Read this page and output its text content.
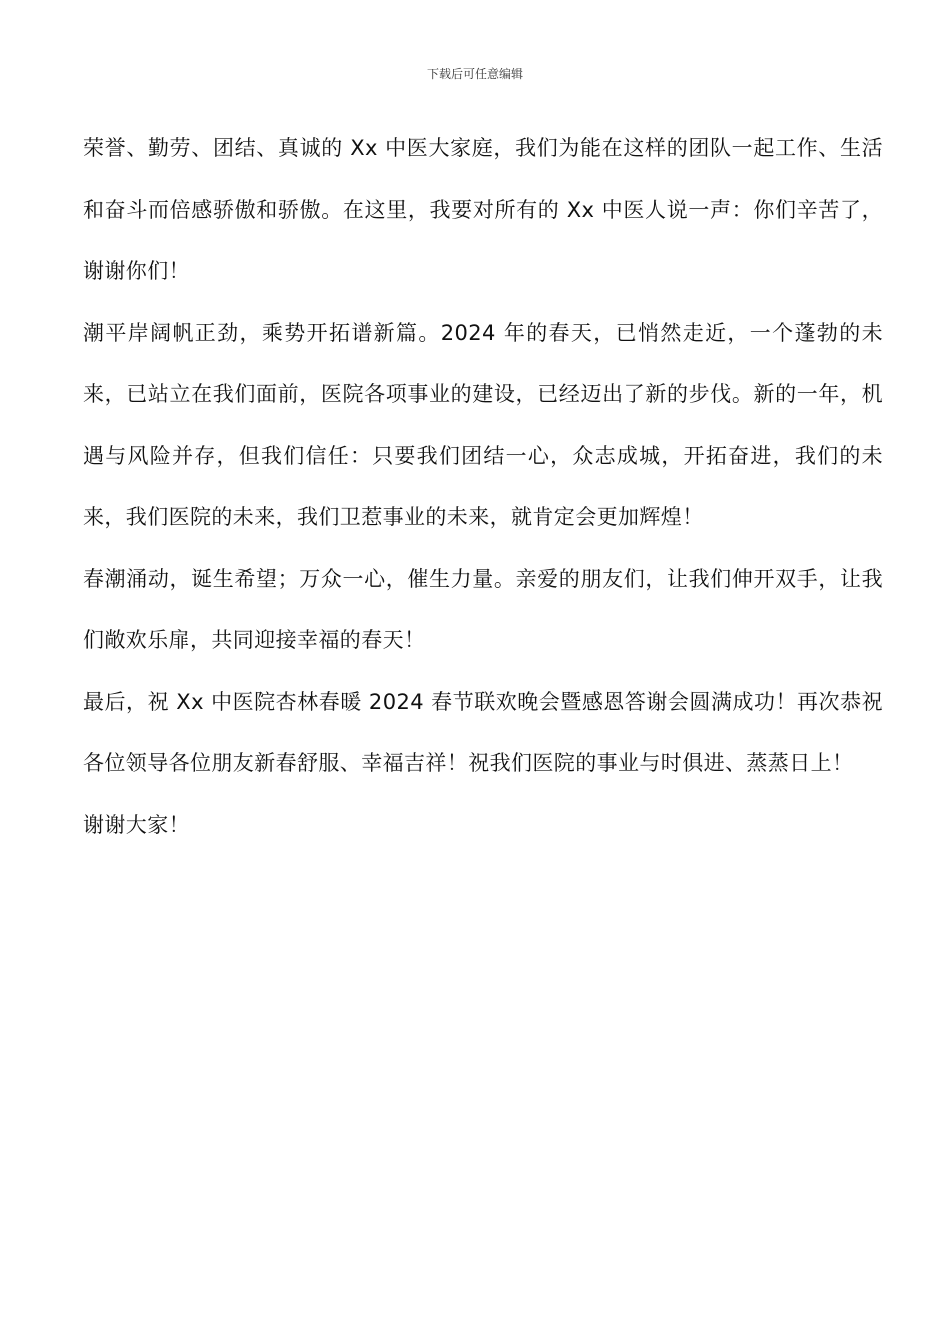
下载后可任意编辑

荣誉、勤劳、团结、真诚的 Xx 中医大家庭，我们为能在这样的团队一起工作、生活和奋斗而倍感骄傲和骄傲。在这里，我要对所有的 Xx 中医人说一声：你们辛苦了，谢谢你们！

潮平岸阔帆正劲，乘势开拓谱新篇。2024 年的春天，已悄然走近，一个蓬勃的未来，已站立在我们面前，医院各项事业的建设，已经迈出了新的步伐。新的一年，机遇与风险并存，但我们信任：只要我们团结一心，众志成城，开拓奋进，我们的未来，我们医院的未来，我们卫惹事业的未来，就肯定会更加辉煌！

春潮涌动，诞生希望；万众一心，催生力量。亲爱的朋友们，让我们伸开双手，让我们敞欢乐扉，共同迎接幸福的春天！

最后，祝 Xx 中医院杏林春暖 2024 春节联欢晚会暨感恩答谢会圆满成功！再次恭祝各位领导各位朋友新春舒服、幸福吉祥！祝我们医院的事业与时俱进、蒸蒸日上！

谢谢大家！
